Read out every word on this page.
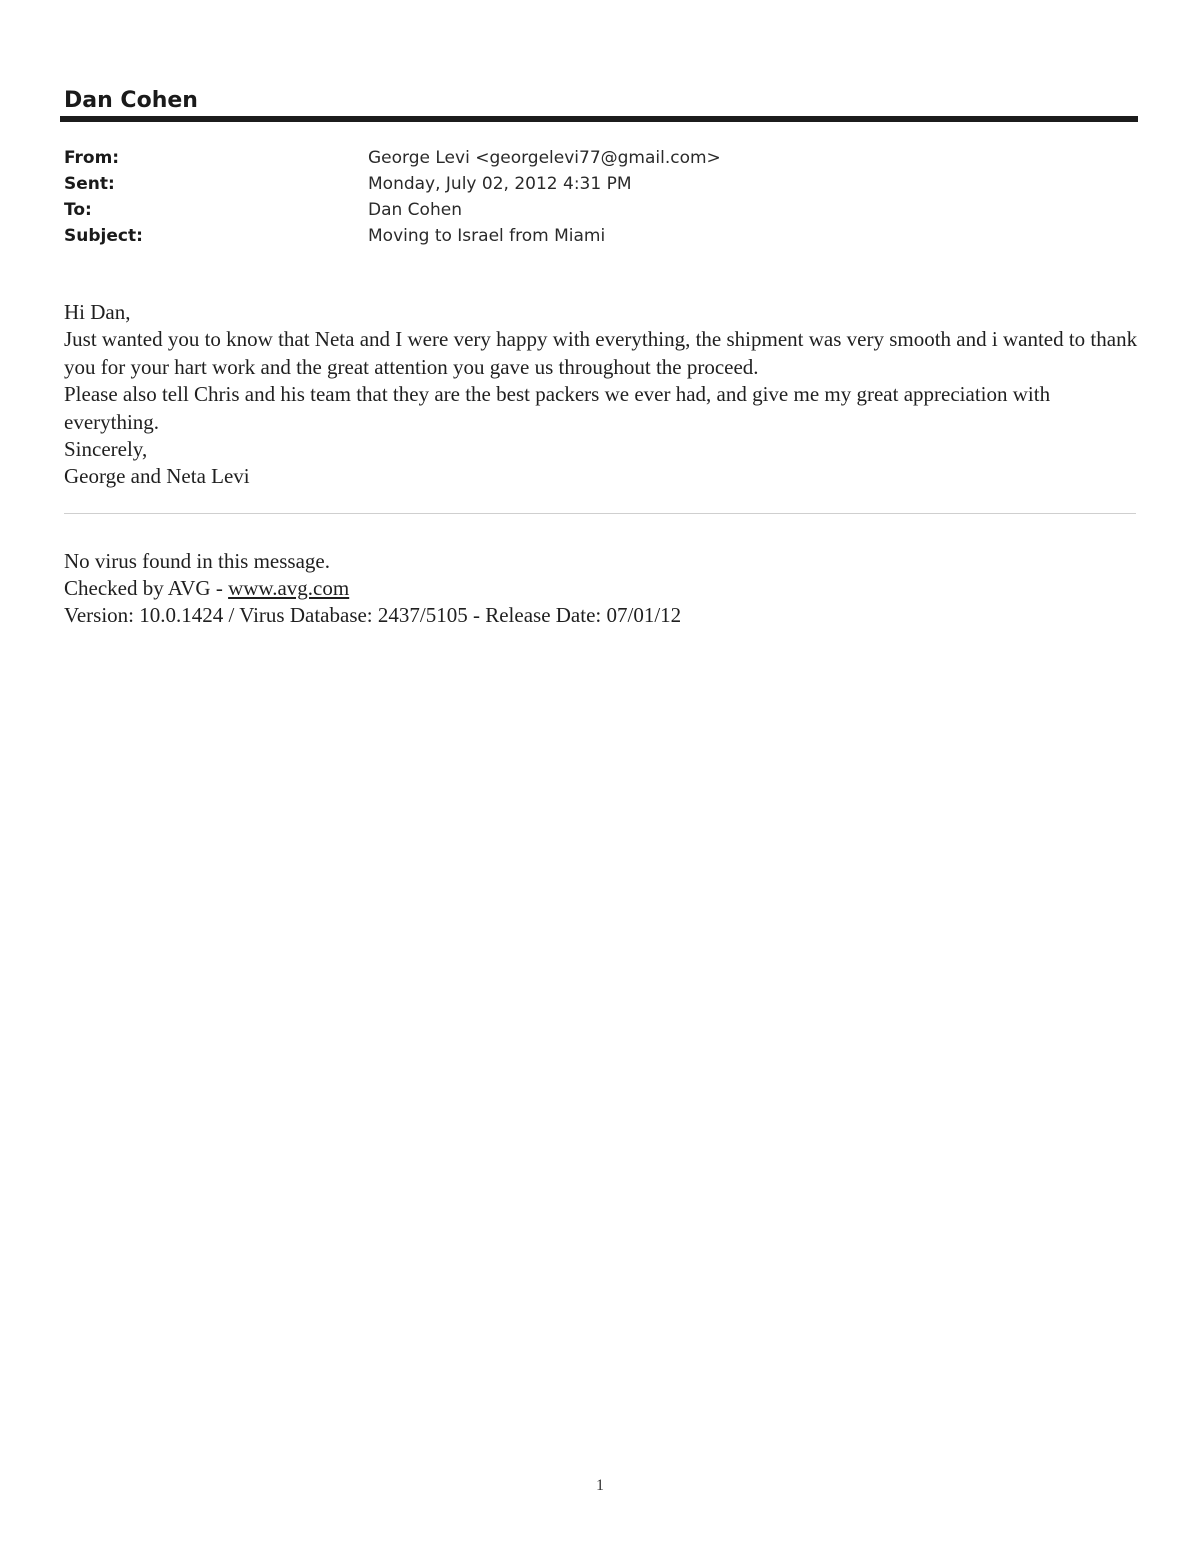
Dan Cohen
From:	George Levi <georgelevi77@gmail.com>
Sent:	Monday, July 02, 2012 4:31 PM
To:	Dan Cohen
Subject:	Moving to Israel from Miami

Hi Dan,

Just wanted you to know that Neta and I were very happy with everything, the shipment was very smooth and i wanted to thank you for your hart work and the great attention you gave us throughout the proceed.

Please also tell Chris and his team that they are the best packers we ever had, and give me my great appreciation with everything.

Sincerely,

George and Neta Levi

No virus found in this message.
Checked by AVG - www.avg.com
Version: 10.0.1424 / Virus Database: 2437/5105 - Release Date: 07/01/12
1
